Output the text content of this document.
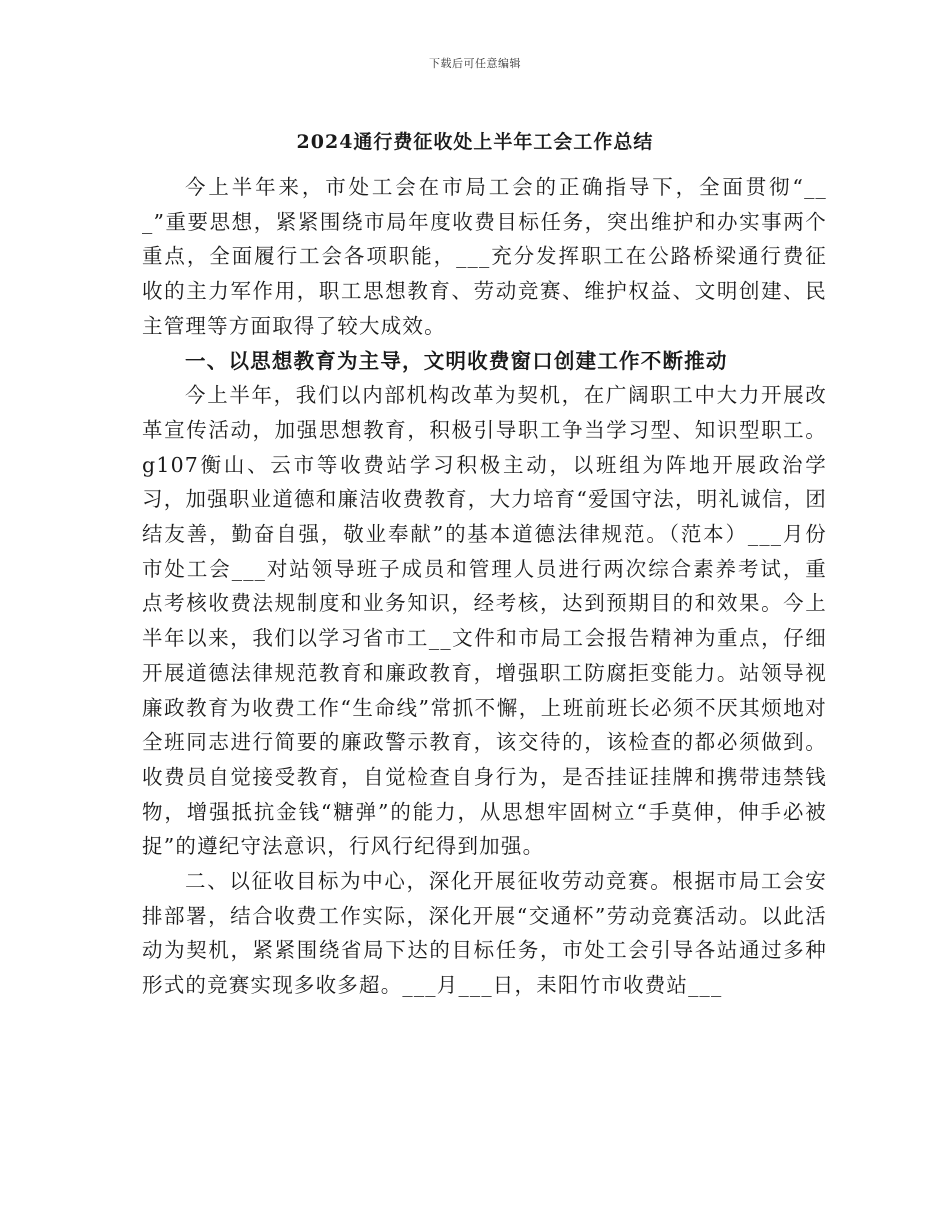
下载后可任意编辑
2024通行费征收处上半年工会工作总结

今上半年来，市处工会在市局工会的正确指导下，全面贯彻“___”重要思想，紧紧围绕市局年度收费目标任务，突出维护和办实事两个重点，全面履行工会各项职能，___充分发挥职工在公路桥梁通行费征收的主力军作用，职工思想教育、劳动竞赛、维护权益、文明创建、民主管理等方面取得了较大成效。

一、以思想教育为主导，文明收费窗口创建工作不断推动

今上半年，我们以内部机构改革为契机，在广阔职工中大力开展改革宣传活动，加强思想教育，积极引导职工争当学习型、知识型职工。g107衡山、云市等收费站学习积极主动，以班组为阵地开展政治学习，加强职业道德和廉洁收费教育，大力培育“爱国守法，明礼诚信，团结友善，勤奋自强，敬业奉献”的基本道德法律规范。（范本）___月份市处工会___对站领导班子成员和管理人员进行两次综合素养考试，重点考核收费法规制度和业务知识，经考核，达到预期目的和效果。今上半年以来，我们以学习省市工__文件和市局工会报告精神为重点，仔细开展道德法律规范教育和廉政教育，增强职工防腐拒变能力。站领导视廉政教育为收费工作“生命线”常抓不懈，上班前班长必须不厌其烦地对全班同志进行简要的廉政警示教育，该交待的，该检查的都必须做到。收费员自觉接受教育，自觉检查自身行为，是否挂证挂牌和携带违禁钱物，增强抵抗金钱“糖弹”的能力，从思想牢固树立“手莫伸，伸手必被捉”的遵纪守法意识，行风行纪得到加强。

二、以征收目标为中心，深化开展征收劳动竞赛。根据市局工会安排部署，结合收费工作实际，深化开展“交通杯”劳动竞赛活动。以此活动为契机，紧紧围绕省局下达的目标任务，市处工会引导各站通过多种形式的竞赛实现多收多超。___月___日，耒阳竹市收费站___
